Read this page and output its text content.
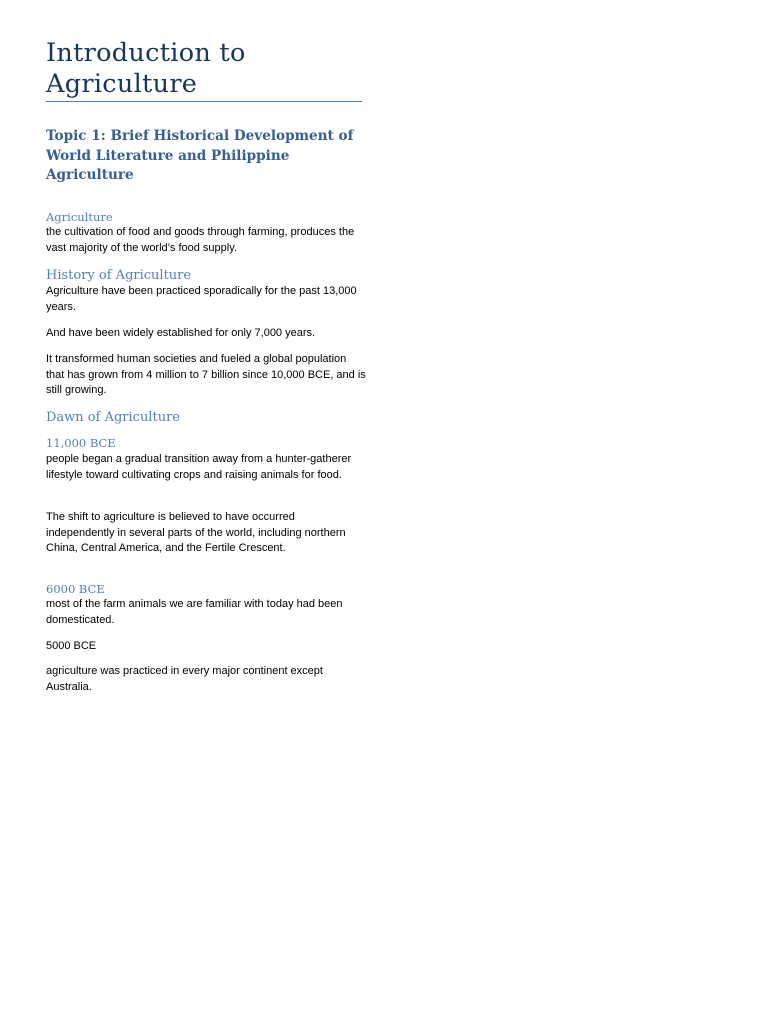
Introduction to Agriculture
Topic 1: Brief Historical Development of World Literature and Philippine Agriculture
Agriculture
the cultivation of food and goods through farming, produces the vast majority of the world’s food supply.
History of Agriculture
Agriculture have been practiced sporadically for the past 13,000 years.
And have been widely established for only 7,000 years.
It transformed human societies and fueled a global population that has grown from 4 million to 7 billion since 10,000 BCE, and is still growing.
Dawn of Agriculture
11,000 BCE
people began a gradual transition away from a hunter-gatherer lifestyle toward cultivating crops and raising animals for food.
The shift to agriculture is believed to have occurred independently in several parts of the world, including northern China, Central America, and the Fertile Crescent.
6000 BCE
most of the farm animals we are familiar with today had been domesticated.
5000 BCE
agriculture was practiced in every major continent except Australia.
